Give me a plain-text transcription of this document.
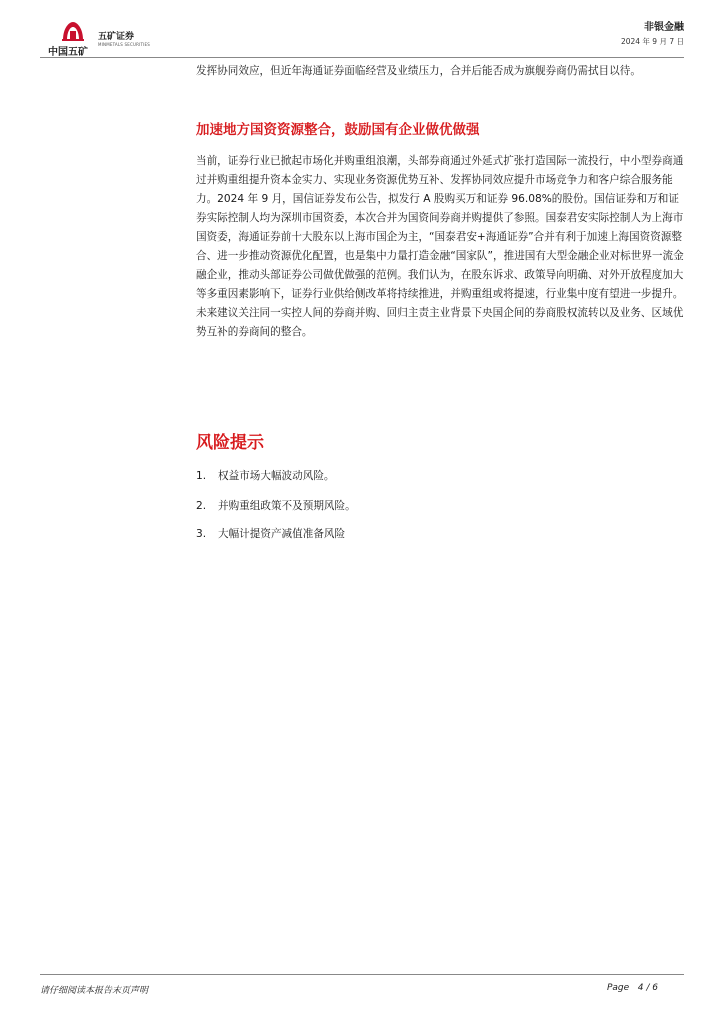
中国五矿
五矿证券
MINMETALS SECURITIES
非银金融
2024 年 9 月 7 日

发挥协同效应，但近年海通证券面临经营及业绩压力，合并后能否成为旗舰券商仍需拭目以待。

加速地方国资资源整合，鼓励国有企业做优做强

当前，证券行业已掀起市场化并购重组浪潮，头部券商通过外延式扩张打造国际一流投行，中小型券商通过并购重组提升资本金实力、实现业务资源优势互补、发挥协同效应提升市场竞争力和客户综合服务能力。2024 年 9 月，国信证券发布公告，拟发行 A 股购买万和证券 96.08%的股份。国信证券和万和证券实际控制人均为深圳市国资委，本次合并为国资间券商并购提供了参照。国泰君安实际控制人为上海市国资委，海通证券前十大股东以上海市国企为主，“国泰君安+海通证券”合并有利于加速上海国资资源整合、进一步推动资源优化配置，也是集中力量打造金融“国家队”，推进国有大型金融企业对标世界一流金融企业，推动头部证券公司做优做强的范例。我们认为，在股东诉求、政策导向明确、对外开放程度加大等多重因素影响下，证券行业供给侧改革将持续推进，并购重组或将提速，行业集中度有望进一步提升。未来建议关注同一实控人间的券商并购、回归主责主业背景下央国企间的券商股权流转以及业务、区域优势互补的券商间的整合。

风险提示
1. 权益市场大幅波动风险。
2. 并购重组政策不及预期风险。
3. 大幅计提资产减值准备风险
请仔细阅读本报告末页声明	Page 4 / 6
